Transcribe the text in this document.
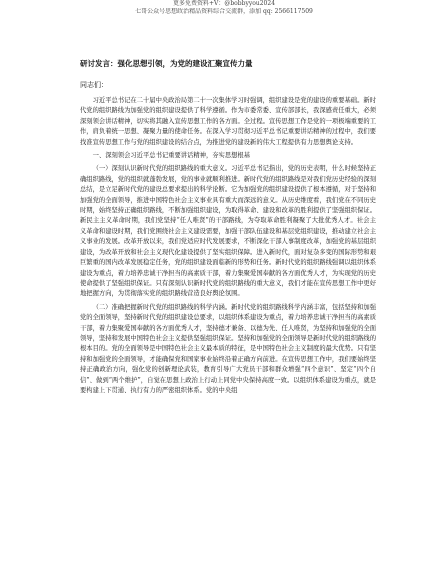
更多免费资料+V：@bobbyyou2024
七哥公众号思想政治精品资料综合交流群，添加 qq: 2566117509
研讨发言：强化思想引领，为党的建设汇聚宣传力量
同志们：

习近平总书记在二十届中央政治局第二十一次集体学习时强调，组织建设是党的建设的重要基础。新时代党的组织路线为加强党的组织建设提供了科学遵循。作为市委常委、宣传部部长，我深感责任重大，必须深刻领会讲话精神，切实将其融入宣传思想工作的各方面。全过程。宣传思想工作是党的一项极端重要的工作，肩负着统一思想、凝聚力量的使命任务。在深入学习贯彻习近平总书记重要讲话精神的过程中，我们要找准宣传思想工作与党的组织建设的结合点，为推进党的建设新的伟大工程提供有力思想舆论支持。

一、深刻领会习近平总书记重要讲话精神，夯实思想根基

（一）深刻认识新时代党的组织路线的重大意义。习近平总书记指出，党的历史表明，什么时候坚持正确组织路线，党的组织就蓬勃发展，党的事业就顺利推进。新时代党的组织路线是对我们党历史经验的深刻总结，是立足新时代党的建设总要求提出的科学论断。它为加强党的组织建设提供了根本遵循，对于坚持和加强党的全面领导，推进中国特色社会主义事业具有重大而深远的意义。从历史维度看，我们党在不同历史时期，始终坚持正确组织路线，不断加强组织建设，为取得革命、建设和改革的胜利提供了坚强组织保证。新民主主义革命时期，我们党坚持“任人唯贤”的干部路线，为夺取革命胜利凝聚了大批优秀人才。社会主义革命和建设时期，我们党围绕社会主义建设需要，加强干部队伍建设和基层党组织建设，推动建立社会主义事业的发展。改革开放以来，我们党适应时代发展要求，不断深化干部人事制度改革，加强党的基层组织建设，为改革开放和社会主义现代化建设提供了坚实组织保障。进入新时代，面对复杂多变的国际形势和艰巨繁重的国内改革发展稳定任务，党的组织建设面临新的形势和任务。新时代党的组织路线强调以组织体系建设为重点，着力培养忠诚干净担当的高素质干部，着力集聚爱国奉献的各方面优秀人才，为实现党的历史使命提供了坚强组织保证。只有深刻认识新时代党的组织路线的重大意义，我们才能在宣传思想工作中更好地把握方向，为贯彻落实党的组织路线营造良好舆论氛围。

（二）准确把握新时代党的组织路线的科学内涵。新时代党的组织路线科学内涵丰富，包括坚持和加强党的全面领导，坚持新时代党的组织建设总要求，以组织体系建设为重点，着力培养忠诚干净担当的高素质干部，着力集聚爱国奉献的各方面优秀人才，坚持德才兼备、以德为先、任人唯贤，为坚持和加强党的全面领导，坚持和发展中国特色社会主义提供坚强组织保证。坚持和加强党的全面领导是新时代党的组织路线的根本目的。党的全面领导是中国特色社会主义最本质的特征，是中国特色社会主义制度的最大优势。只有坚持和加强党的全面领导，才能确保党和国家事业始终沿着正确方向前进。在宣传思想工作中，我们要始终坚持正确政治方向，强化党的创新理论武装，教育引导广大党员干部和群众增强“四个意识”、坚定“四个自信”、做到“两个维护”，自觉在思想上政治上行动上同党中央保持高度一致。以组织体系建设为重点，就是要构建上下贯通、执行有力的严密组织体系。党的中央组
